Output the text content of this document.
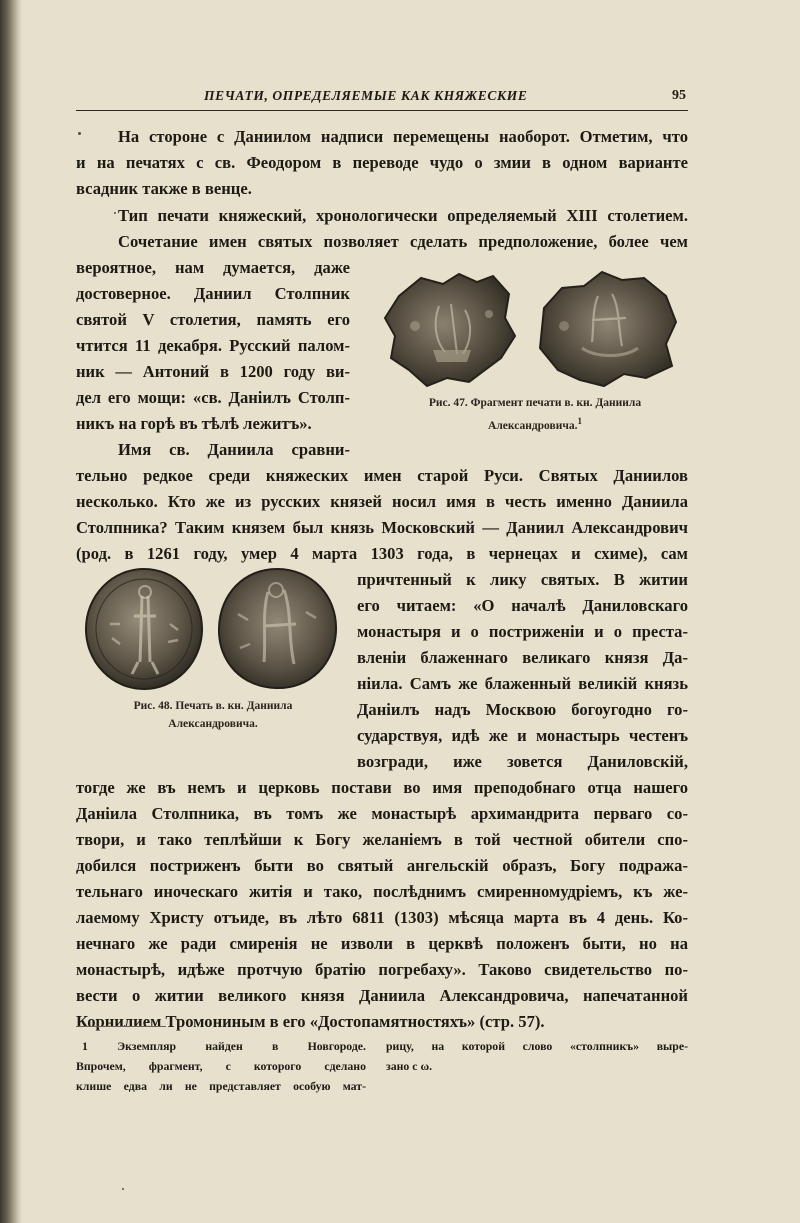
ПЕЧАТИ, ОПРЕДЕЛЯЕМЫЕ КАК КНЯЖЕСКИЕ	95
На стороне с Даниилом надписи перемещены наоборот. Отметим, что
и на печатях с св. Феодором в переводе чудо о змии в одном варианте
всадник также в венце.
Тип печати княжеский, хронологически определяемый XIII столетием.
Сочетание имен святых позволяет сделать предположение, более чем
вероятное, нам думается, даже
достоверное. Даниил Столпник
святой V столетия, память его
чтится 11 декабря. Русский палом-
ник — Антоний в 1200 году ви-
дел его мощи: «св. Даніилъ Столп-
никъ на горѣ въ тѣлѣ лежитъ».
Имя св. Даниила сравни-
тельно редкое среди княжеских имен старой Руси. Святых Даниилов
несколько. Кто же из русских князей носил имя в честь именно Даниила
Столпника? Таким князем был князь Московский — Даниил Александрович
(род. в 1261 году, умер 4 марта 1303 года, в чернецах и схиме), сам
причтенный к лику святых. В житии
его читаем: «О началѣ Даниловскаго
монастыря и о постриженіи и о преста-
вленіи блаженнаго великаго князя Да-
ніила. Самъ же блаженный великій князь
Даніилъ надъ Москвою богоугодно го-
сударствуя, идѣ же и монастырь честенъ
возгради, иже зовется Даниловскій,
тогде же въ немъ и церковь постави во имя преподобнаго отца нашего
Даніила Столпника, въ томъ же монастырѣ архимандрита перваго со-
твори, и тако теплѣйши к Богу желаніемъ в той честной обители спо-
добился постриженъ быти во святый ангельскій образъ, Богу подража-
тельнаго иноческаго житія и тако, послѣднимъ смиренномудріемъ, къ же-
лаемому Христу отъиде, въ лѣто 6811 (1303) мѣсяца марта въ 4 день. Ко-
нечнаго же ради смиренія не изволи в церквѣ положенъ быти, но на
монастырѣ, идѣже протчую братію погребаху». Таково свидетельство по-
вести о житии великого князя Даниила Александровича, напечатанной
Корнилием Тромониным в его «Достопамятностяхъ» (стр. 57).
Рис. 47. Фрагмент печати в. кн. Даниила
Александровича.$^1$
Рис. 48. Печать в. кн. Даниила
Александровича.
1 Экземпляр найден в Новгороде.
Впрочем, фрагмент, с которого сделано
клише едва ли не представляет особую мат-
рицу, на которой слово «столпникъ» выре-
зано с ω.
